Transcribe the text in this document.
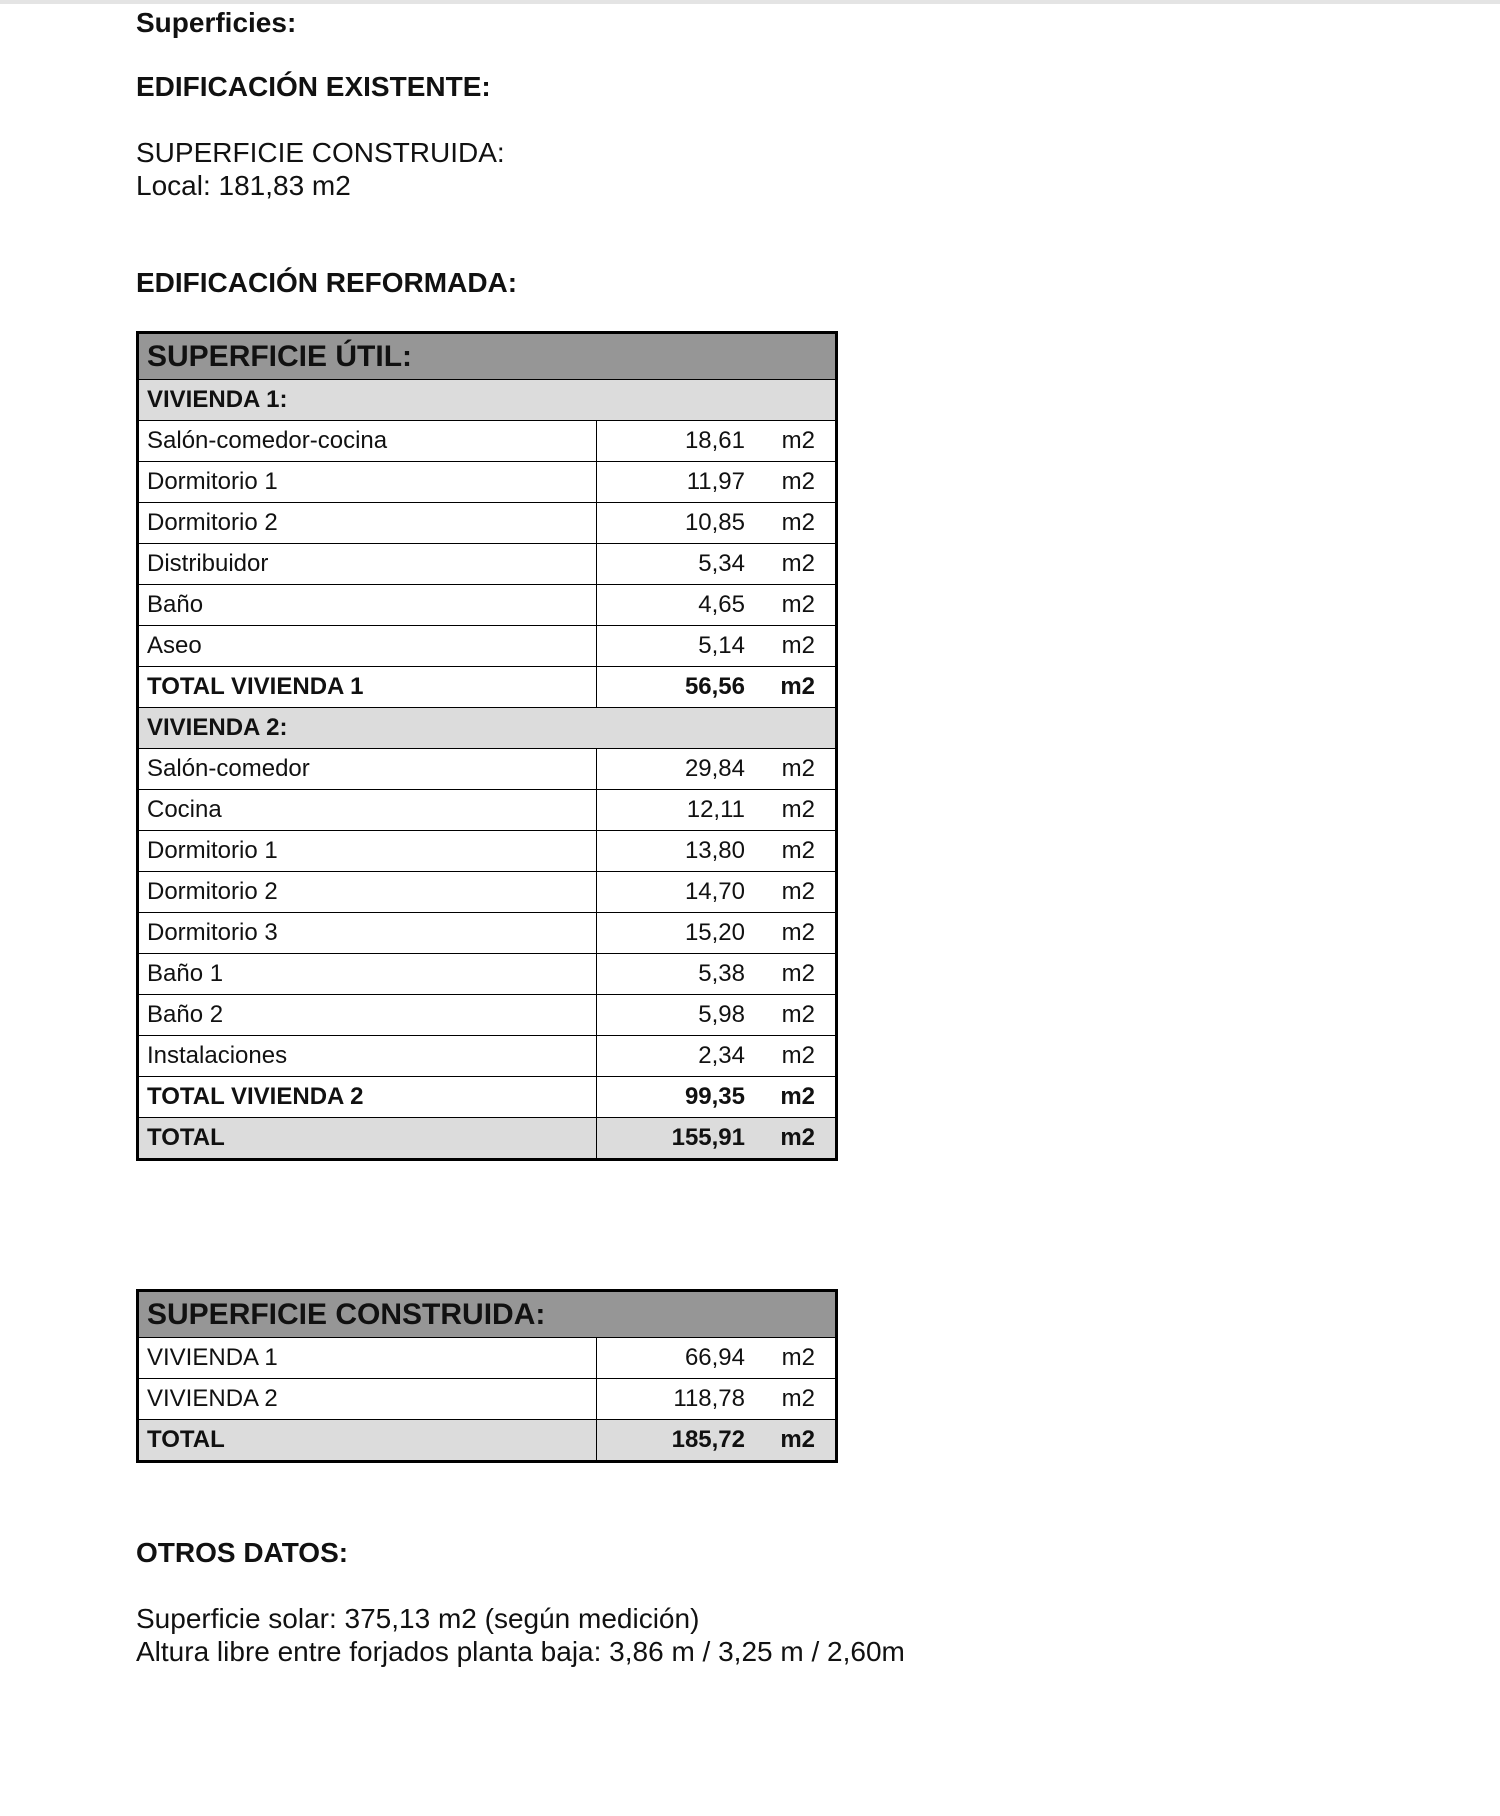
Superficies:
EDIFICACIÓN EXISTENTE:
SUPERFICIE CONSTRUIDA:
Local: 181,83 m2
EDIFICACIÓN REFORMADA:
SUPERFICIE ÚTIL:	
VIVIENDA 1:	
Salón-comedor-cocina	18,61 m2
Dormitorio 1	11,97 m2
Dormitorio 2	10,85 m2
Distribuidor	5,34 m2
Baño	4,65 m2
Aseo	5,14 m2
TOTAL VIVIENDA 1	56,56 m2
VIVIENDA 2:	
Salón-comedor	29,84 m2
Cocina	12,11 m2
Dormitorio 1	13,80 m2
Dormitorio 2	14,70 m2
Dormitorio 3	15,20 m2
Baño 1	5,38 m2
Baño 2	5,98 m2
Instalaciones	2,34 m2
TOTAL VIVIENDA 2	99,35 m2
TOTAL	155,91 m2
SUPERFICIE CONSTRUIDA:	
VIVIENDA 1	66,94 m2
VIVIENDA 2	118,78 m2
TOTAL	185,72 m2
OTROS DATOS:
Superficie solar: 375,13 m2 (según medición)
Altura libre entre forjados planta baja: 3,86 m / 3,25 m / 2,60m
